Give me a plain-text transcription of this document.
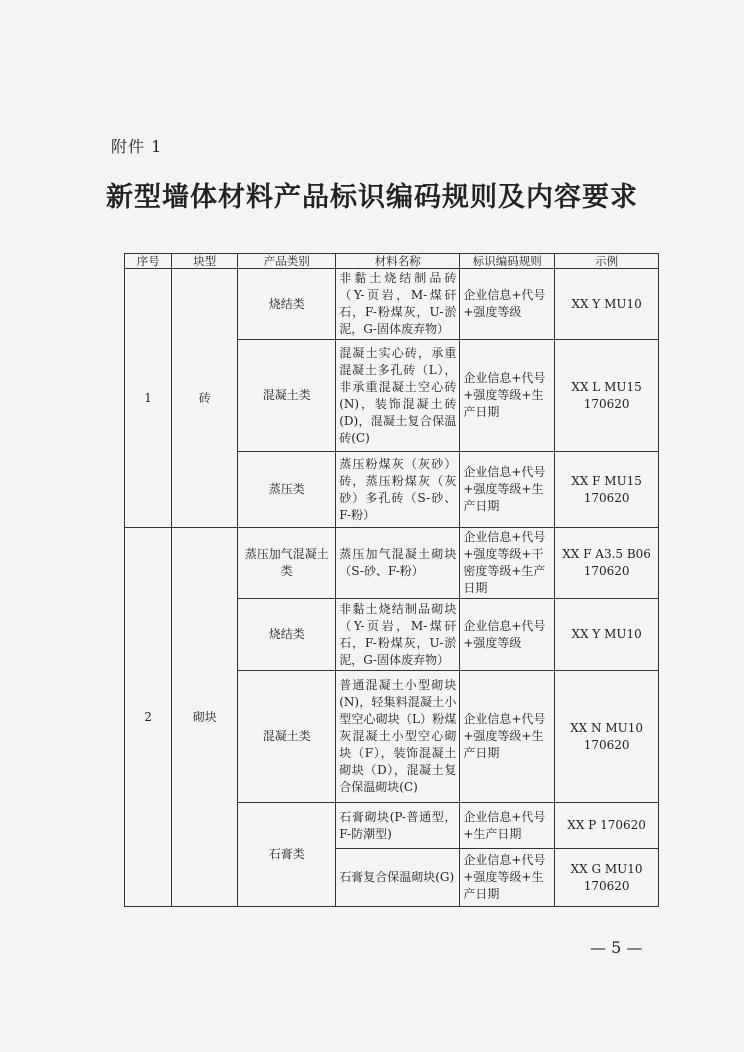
附件 1
新型墙体材料产品标识编码规则及内容要求
序号	块型	产品类别	材料名称	标识编码规则	示例
1	砖	烧结类	非黏土烧结制品砖（Y-页岩，M-煤矸石，F-粉煤灰，U-淤泥，G-固体废弃物）	企业信息+代号+强度等级	XX Y MU10
		混凝土类	混凝土实心砖，承重混凝土多孔砖（L），非承重混凝土空心砖(N)，装饰混凝土砖(D)，混凝土复合保温砖(C)	企业信息+代号+强度等级+生产日期	XX L MU15 170620
		蒸压类	蒸压粉煤灰（灰砂）砖，蒸压粉煤灰（灰砂）多孔砖（S-砂、F-粉）	企业信息+代号+强度等级+生产日期	XX F MU15 170620
2	砌块	蒸压加气混凝土类	蒸压加气混凝土砌块（S-砂、F-粉）	企业信息+代号+强度等级+干密度等级+生产日期	XX F A3.5 B06 170620
		烧结类	非黏土烧结制品砌块（Y-页岩，M-煤矸石，F-粉煤灰，U-淤泥，G-固体废弃物）	企业信息+代号+强度等级	XX Y MU10
		混凝土类	普通混凝土小型砌块(N)，轻集料混凝土小型空心砌块（L）粉煤灰混凝土小型空心砌块（F），装饰混凝土砌块（D），混凝土复合保温砌块(C)	企业信息+代号+强度等级+生产日期	XX N MU10 170620
		石膏类	石膏砌块(P-普通型，F-防潮型)	企业信息+代号+生产日期	XX P 170620
			石膏复合保温砌块(G)	企业信息+代号+强度等级+生产日期	XX G MU10 170620
— 5 —
